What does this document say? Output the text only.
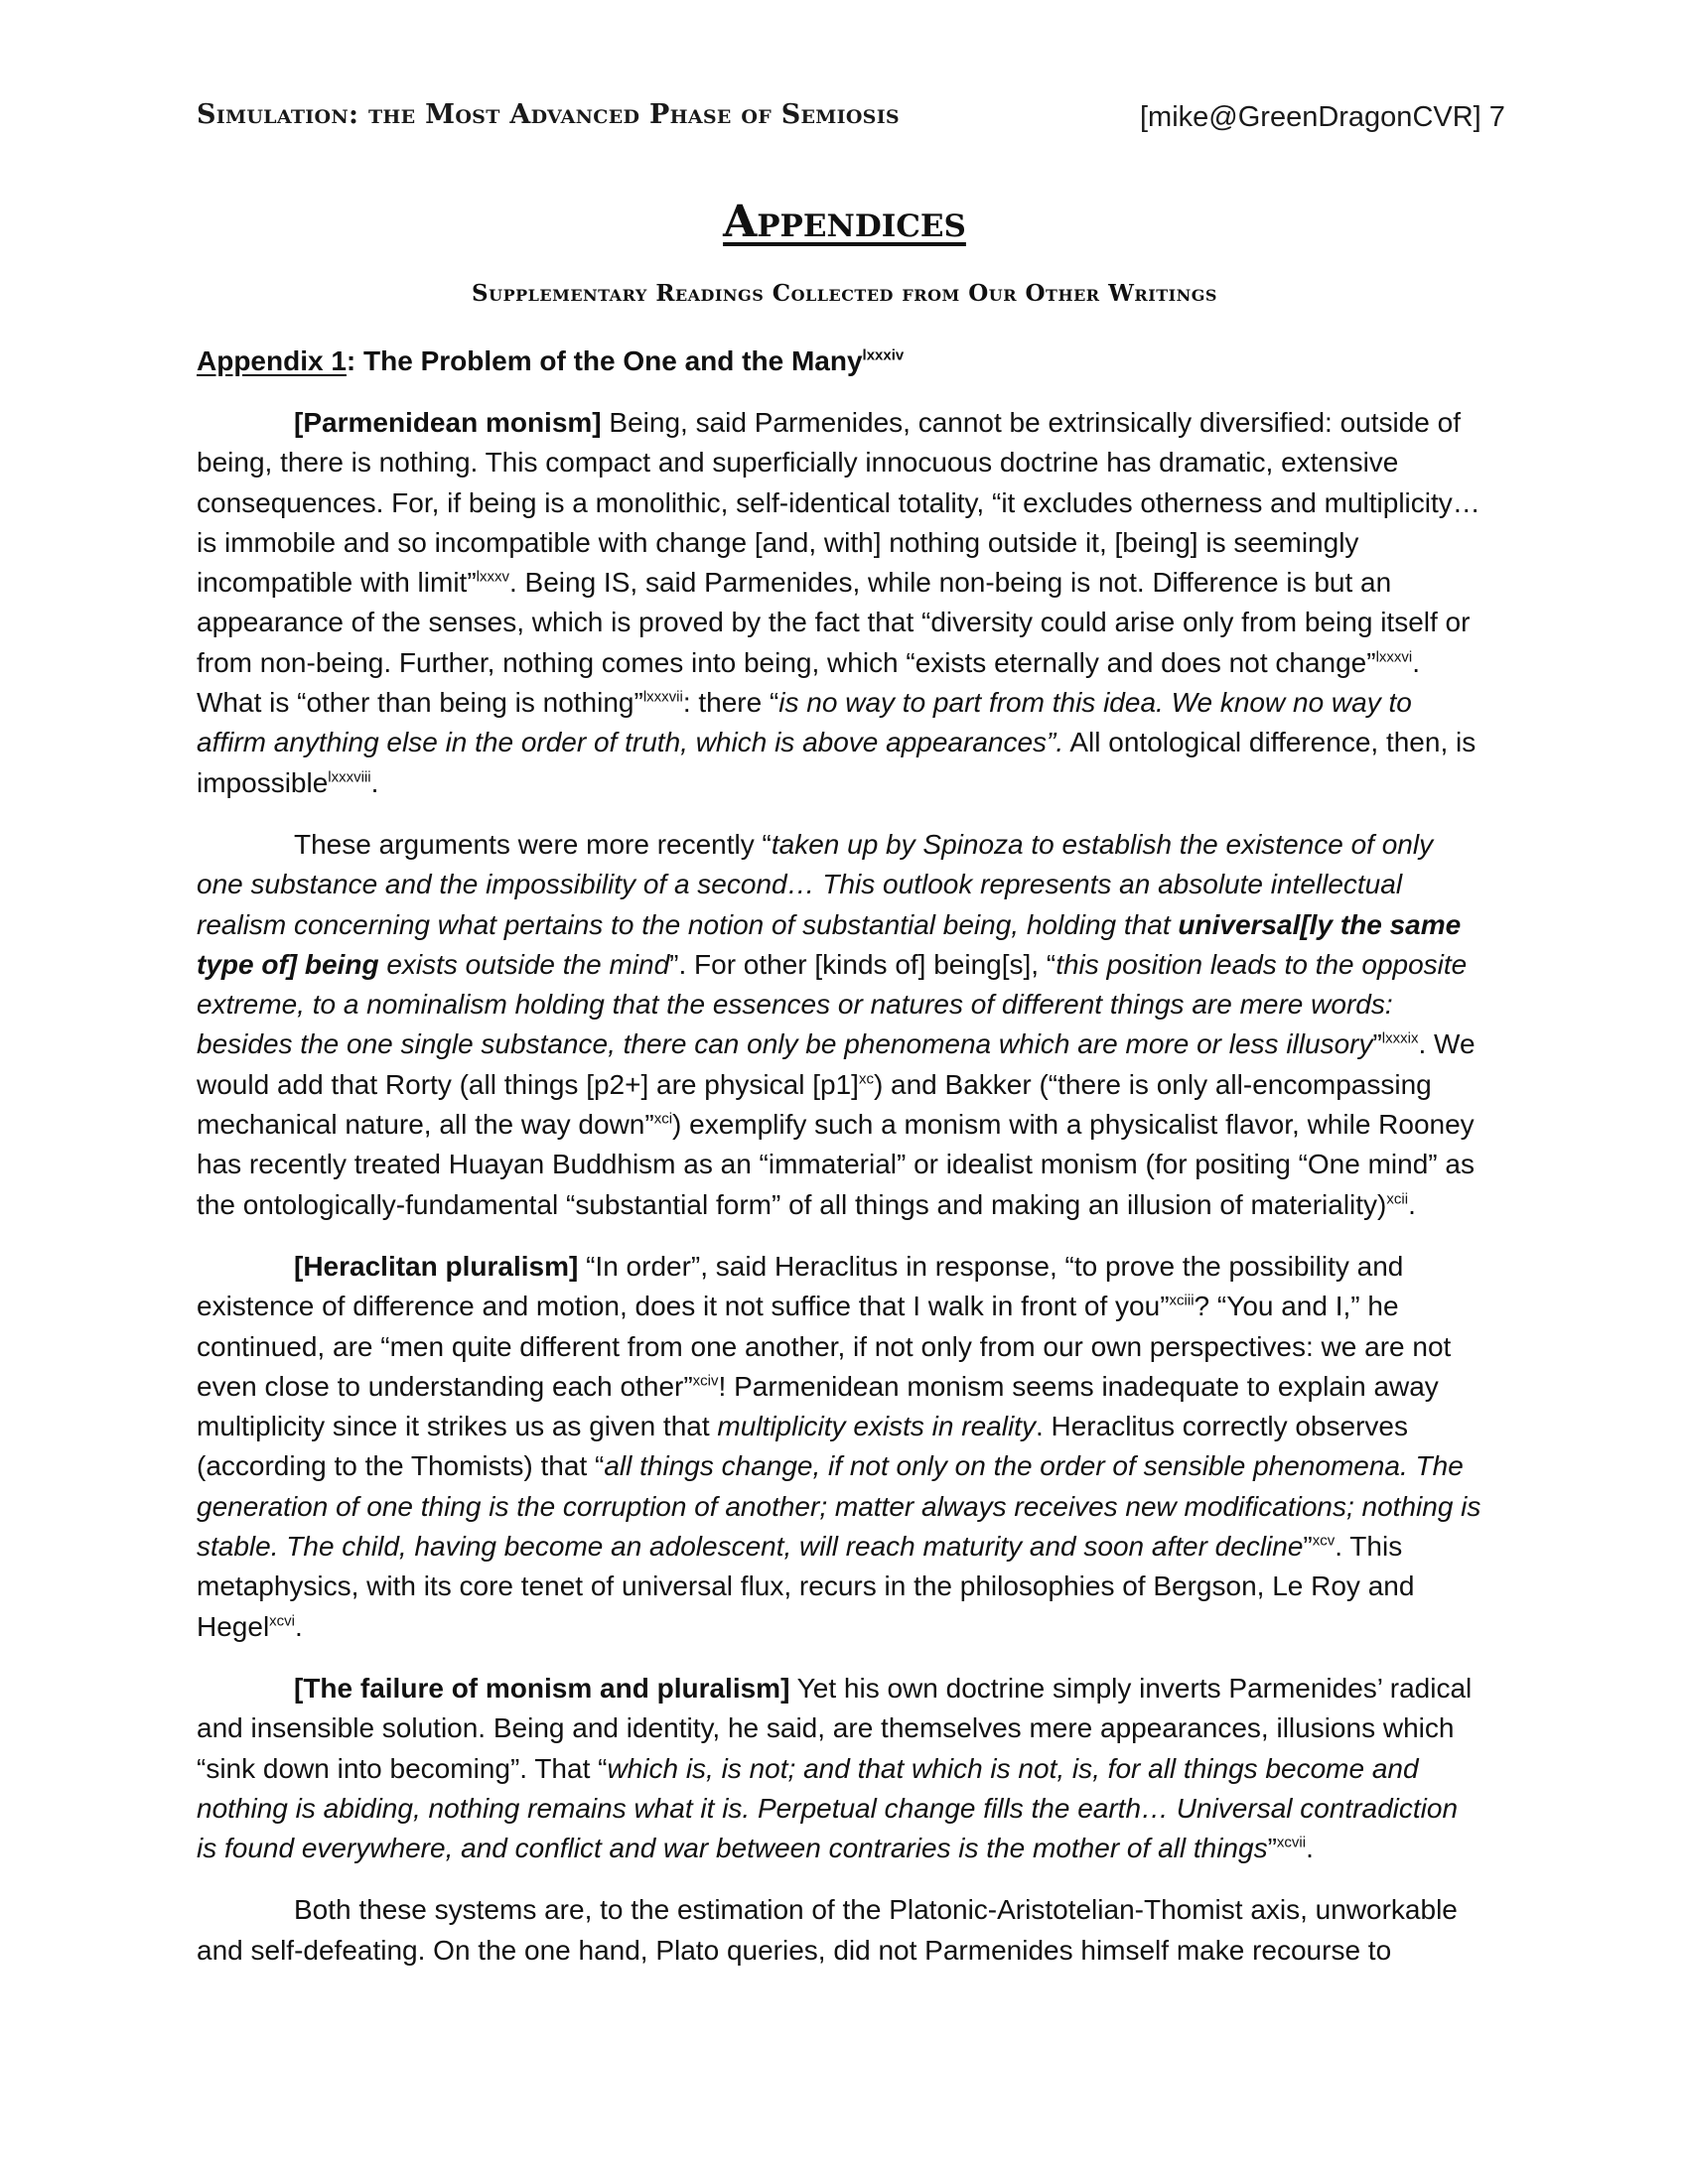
Simulation: the Most Advanced Phase of Semiosis	[mike@GreenDragonCVR] 7
Appendices
Supplementary Readings Collected from Our Other Writings
Appendix 1: The Problem of the One and the Many$^{lxxxiv}$

[Parmenidean monism] Being, said Parmenides, cannot be extrinsically diversified: outside of being, there is nothing. This compact and superficially innocuous doctrine has dramatic, extensive consequences. For, if being is a monolithic, self-identical totality, “it excludes otherness and multiplicity… is immobile and so incompatible with change [and, with] nothing outside it, [being] is seemingly incompatible with limit”$^{lxxxv}$. Being IS, said Parmenides, while non-being is not. Difference is but an appearance of the senses, which is proved by the fact that “diversity could arise only from being itself or from non-being. Further, nothing comes into being, which “exists eternally and does not change”$^{lxxxvi}$. What is “other than being is nothing”$^{lxxxvii}$: there “is no way to part from this idea. We know no way to affirm anything else in the order of truth, which is above appearances”. All ontological difference, then, is impossible$^{lxxxviii}$.

These arguments were more recently “taken up by Spinoza to establish the existence of only one substance and the impossibility of a second… This outlook represents an absolute intellectual realism concerning what pertains to the notion of substantial being, holding that universal[ly the same type of] being exists outside the mind”. For other [kinds of] being[s], “this position leads to the opposite extreme, to a nominalism holding that the essences or natures of different things are mere words: besides the one single substance, there can only be phenomena which are more or less illusory”$^{lxxxix}$. We would add that Rorty (all things [p2+] are physical $[p1]^{xc}$) and Bakker (“there is only all-encompassing mechanical nature, all the way down”$^{xci}$) exemplify such a monism with a physicalist flavor, while Rooney has recently treated Huayan Buddhism as an “immaterial” or idealist monism (for positing “One mind” as the ontologically-fundamental “substantial form” of all things and making an illusion of materiality)$^{xcii}$.

[Heraclitan pluralism] “In order”, said Heraclitus in response, “to prove the possibility and existence of difference and motion, does it not suffice that I walk in front of you”$^{xciii}$? “You and I,” he continued, are “men quite different from one another, if not only from our own perspectives: we are not even close to understanding each other”$^{xciv}$! Parmenidean monism seems inadequate to explain away multiplicity since it strikes us as given that multiplicity exists in reality. Heraclitus correctly observes (according to the Thomists) that “all things change, if not only on the order of sensible phenomena. The generation of one thing is the corruption of another; matter always receives new modifications; nothing is stable. The child, having become an adolescent, will reach maturity and soon after decline”$^{xcv}$. This metaphysics, with its core tenet of universal flux, recurs in the philosophies of Bergson, Le Roy and Hegel$^{xcvi}$.

[The failure of monism and pluralism] Yet his own doctrine simply inverts Parmenides’ radical and insensible solution. Being and identity, he said, are themselves mere appearances, illusions which “sink down into becoming”. That “which is, is not; and that which is not, is, for all things become and nothing is abiding, nothing remains what it is. Perpetual change fills the earth… Universal contradiction is found everywhere, and conflict and war between contraries is the mother of all things”$^{xcvii}$.

Both these systems are, to the estimation of the Platonic-Aristotelian-Thomist axis, unworkable and self-defeating. On the one hand, Plato queries, did not Parmenides himself make recourse to
